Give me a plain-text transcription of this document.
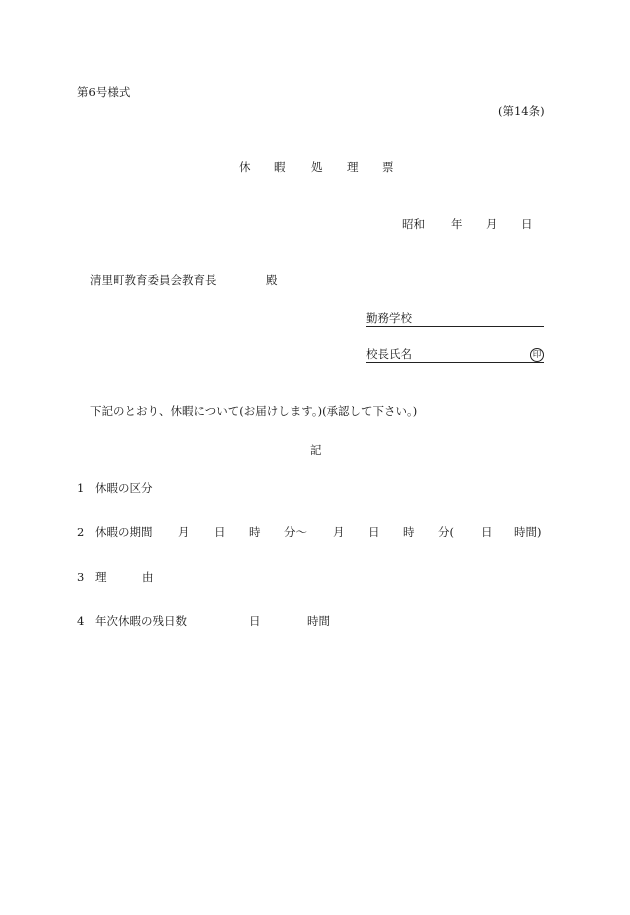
第6号様式
(第14条)
休 暇 処 理 票
昭和 年 月 日
清里町教育委員会教育長	殿
勤務学校
校長氏名	印
下記のとおり、休暇について(お届けします。)(承認して下さい。)
記
1 休暇の区分
2 休暇の期間 月 日 時 分〜 月 日 時 分( 日 時間)
3 理	由
4 年次休暇の残日数	日	時間
